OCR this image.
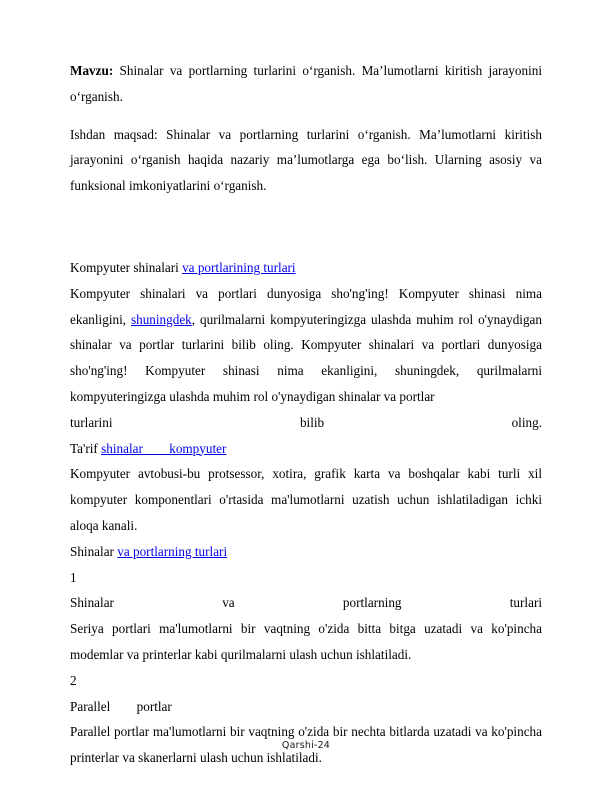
Mavzu: Shinalar va portlarning turlarini o‘rganish. Ma’lumotlarni kiritish jarayonini o‘rganish.

Ishdan maqsad: Shinalar va portlarning turlarini o‘rganish. Ma’lumotlarni kiritish jarayonini o‘rganish haqida nazariy ma’lumotlarga ega bo‘lish. Ularning asosiy va funksional imkoniyatlarini o‘rganish.

Kompyuter shinalari va portlarining turlari

Kompyuter shinalari va portlari dunyosiga sho'ng'ing! Kompyuter shinasi nima ekanligini, shuningdek, qurilmalarni kompyuteringizga ulashda muhim rol o'ynaydigan shinalar va portlar turlarini bilib oling. Kompyuter shinalari va portlari dunyosiga sho'ng'ing! Kompyuter shinasi nima ekanligini, shuningdek, qurilmalarni kompyuteringizga ulashda muhim rol o'ynaydigan shinalar va portlar

turlarini bilib oling.

Ta'rif shinalar        kompyuter

Kompyuter avtobusi-bu protsessor, xotira, grafik karta va boshqalar kabi turli xil kompyuter komponentlari o'rtasida ma'lumotlarni uzatish uchun ishlatiladigan ichki aloqa kanali.

Shinalar va portlarning turlari

1

Shinalar va portlarning turlari

Seriya portlari ma'lumotlarni bir vaqtning o'zida bitta bitga uzatadi va ko'pincha modemlar va printerlar kabi qurilmalarni ulash uchun ishlatiladi.

2

Parallel        portlar

Parallel portlar ma'lumotlarni bir vaqtning o'zida bir nechta bitlarda uzatadi va ko'pincha printerlar va skanerlarni ulash uchun ishlatiladi.

Qarshi-24
